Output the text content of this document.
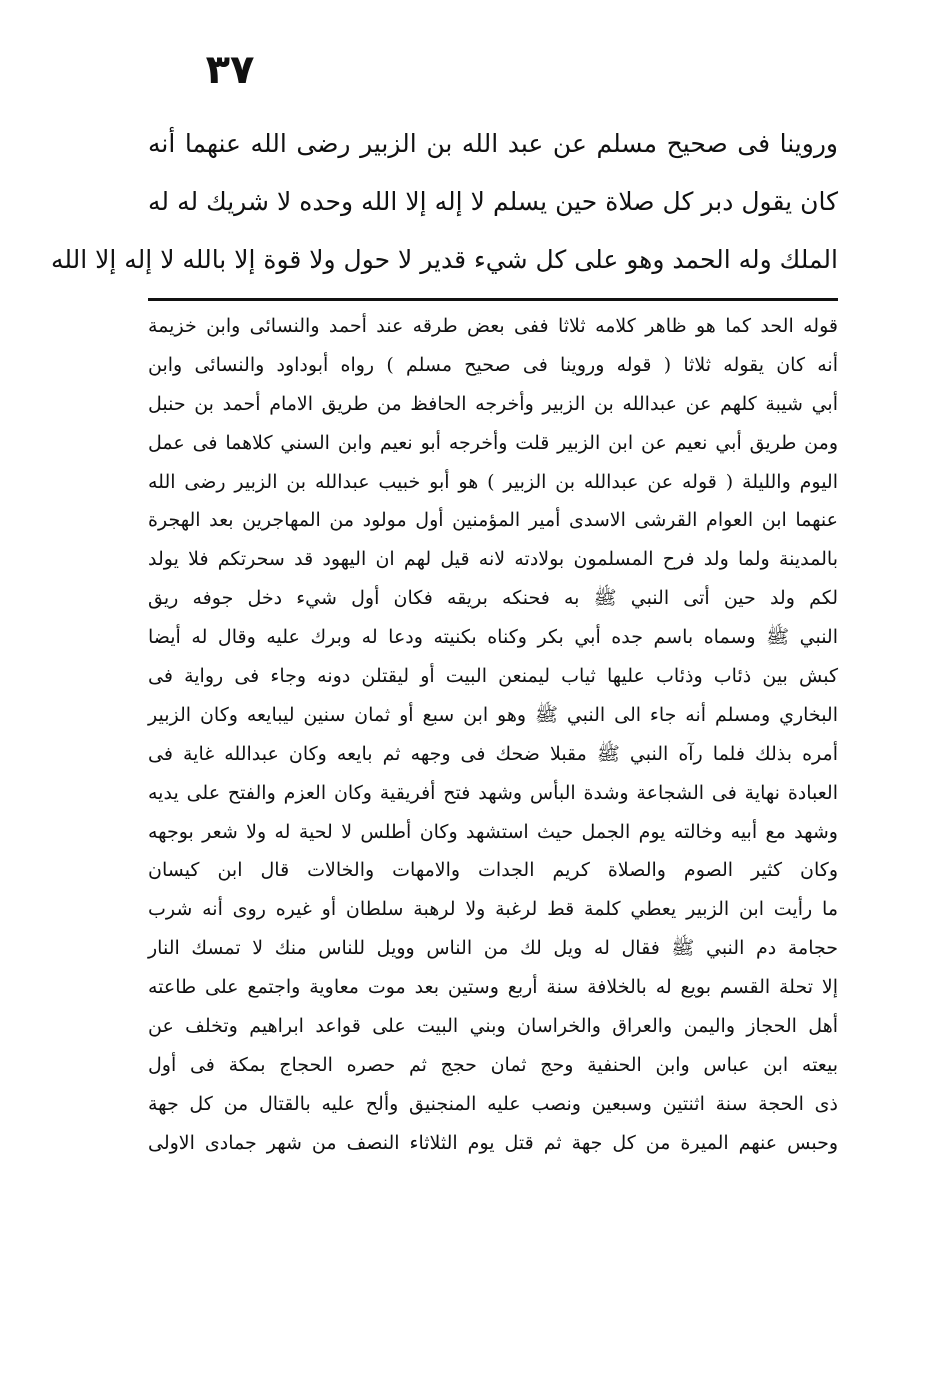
٣٧
وروينا فى صحيح مسلم عن عبد الله بن الزبير رضى الله عنهما أنه
كان يقول دبر كل صلاة حين يسلم لا إله إلا الله وحده لا شريك له له
الملك وله الحمد وهو على كل شيء قدير لا حول ولا قوة إلا بالله لا إله إلا الله
قوله الحد كما هو ظاهر كلامه ثلاثا ففى بعض طرقه عند أحمد والنسائى وابن خزيمة
أنه كان يقوله ثلاثا ( قوله وروينا فى صحيح مسلم ) رواه أبوداود والنسائى وابن
أبي شيبة كلهم عن عبدالله بن الزبير وأخرجه الحافظ من طريق الامام أحمد بن حنبل
ومن طريق أبي نعيم عن ابن الزبير قلت وأخرجه أبو نعيم وابن السني كلاهما فى عمل
اليوم والليلة ( قوله عن عبدالله بن الزبير ) هو أبو خبيب عبدالله بن الزبير رضى الله
عنهما ابن العوام القرشى الاسدى أمير المؤمنين أول مولود من المهاجرين بعد الهجرة
بالمدينة ولما ولد فرح المسلمون بولادته لانه قيل لهم ان اليهود قد سحرتكم فلا يولد
لكم ولد حين أتى النبي ﷺ به فحنكه بريقه فكان أول شيء دخل جوفه ريق
النبي ﷺ وسماه باسم جده أبي بكر وكناه بكنيته ودعا له وبرك عليه وقال له أيضا
كبش بين ذئاب وذئاب عليها ثياب ليمنعن البيت أو ليقتلن دونه وجاء فى رواية فى
البخاري ومسلم أنه جاء الى النبي ﷺ وهو ابن سبع أو ثمان سنين ليبايعه وكان الزبير
أمره بذلك فلما رآه النبي ﷺ مقبلا ضحك فى وجهه ثم بايعه وكان عبدالله غاية فى
العبادة نهاية فى الشجاعة وشدة البأس وشهد فتح أفريقية وكان العزم والفتح على يديه
وشهد مع أبيه وخالته يوم الجمل حيث استشهد وكان أطلس لا لحية له ولا شعر بوجهه
وكان كثير الصوم والصلاة كريم الجدات والامهات والخالات قال ابن كيسان
ما رأيت ابن الزبير يعطي كلمة قط لرغبة ولا لرهبة سلطان أو غيره روى أنه شرب
حجامة دم النبي ﷺ فقال له ويل لك من الناس وويل للناس منك لا تمسك النار
إلا تحلة القسم بويع له بالخلافة سنة أربع وستين بعد موت معاوية واجتمع على طاعته
أهل الحجاز واليمن والعراق والخراسان وبني البيت على قواعد ابراهيم وتخلف عن
بيعته ابن عباس وابن الحنفية وحج ثمان حجج ثم حصره الحجاج بمكة فى أول
ذى الحجة سنة اثنتين وسبعين ونصب عليه المنجنيق وألح عليه بالقتال من كل جهة
وحبس عنهم الميرة من كل جهة ثم قتل يوم الثلاثاء النصف من شهر جمادى الاولى
